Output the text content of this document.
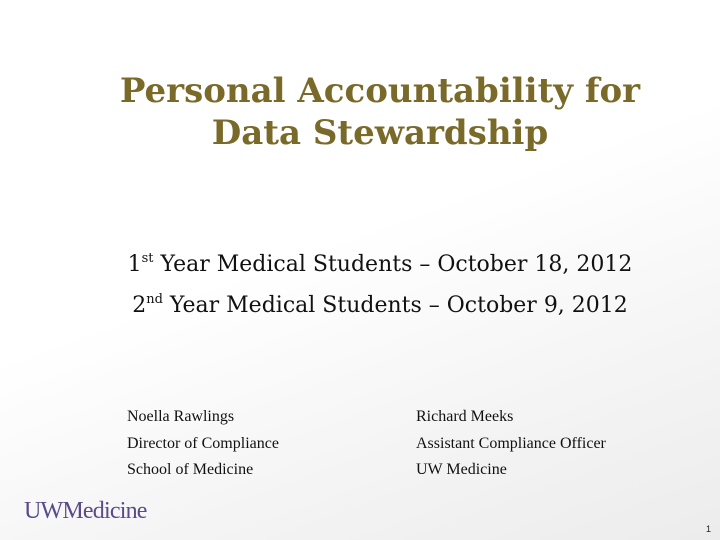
Personal Accountability for
Data Stewardship
1st Year Medical Students – October 18, 2012
2nd Year Medical Students – October 9, 2012
Noella Rawlings
Director of Compliance
School of Medicine
Richard Meeks
Assistant Compliance Officer
UW Medicine
UWMedicine
1
